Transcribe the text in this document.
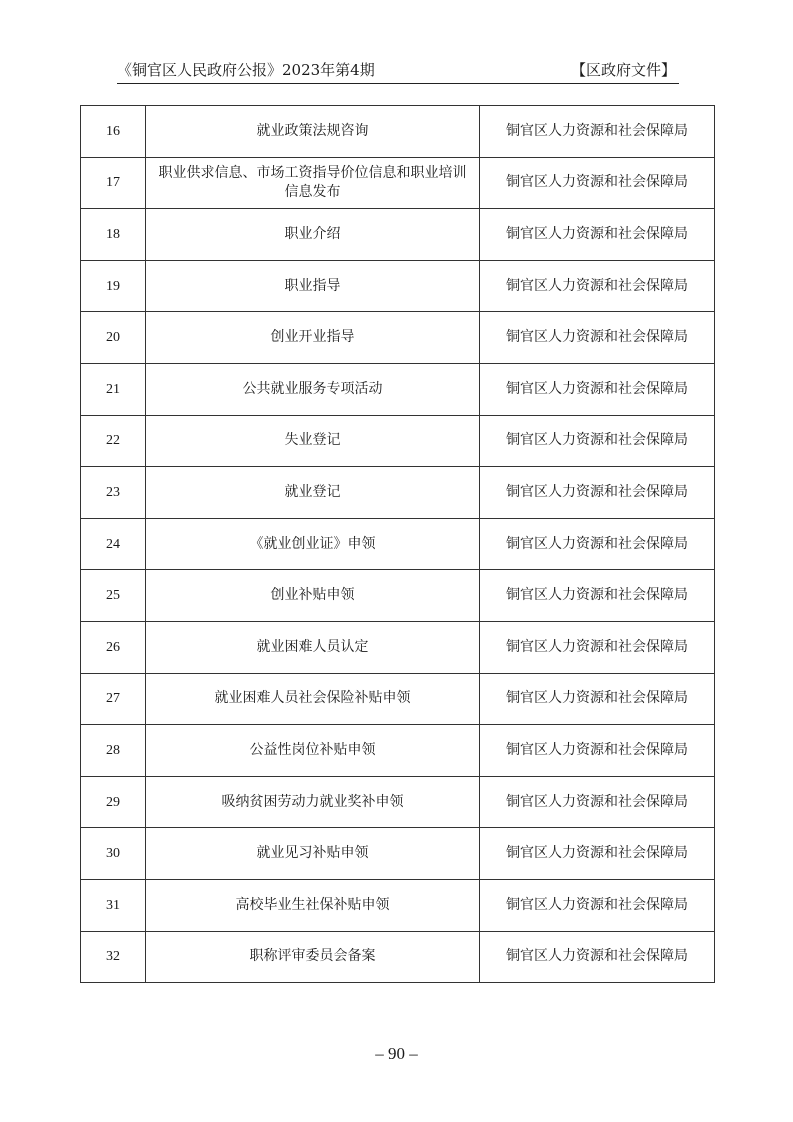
《铜官区人民政府公报》2023年第4期	【区政府文件】
16	就业政策法规咨询	铜官区人力资源和社会保障局
17	职业供求信息、市场工资指导价位信息和职业培训信息发布	铜官区人力资源和社会保障局
18	职业介绍	铜官区人力资源和社会保障局
19	职业指导	铜官区人力资源和社会保障局
20	创业开业指导	铜官区人力资源和社会保障局
21	公共就业服务专项活动	铜官区人力资源和社会保障局
22	失业登记	铜官区人力资源和社会保障局
23	就业登记	铜官区人力资源和社会保障局
24	《就业创业证》申领	铜官区人力资源和社会保障局
25	创业补贴申领	铜官区人力资源和社会保障局
26	就业困难人员认定	铜官区人力资源和社会保障局
27	就业困难人员社会保险补贴申领	铜官区人力资源和社会保障局
28	公益性岗位补贴申领	铜官区人力资源和社会保障局
29	吸纳贫困劳动力就业奖补申领	铜官区人力资源和社会保障局
30	就业见习补贴申领	铜官区人力资源和社会保障局
31	高校毕业生社保补贴申领	铜官区人力资源和社会保障局
32	职称评审委员会备案	铜官区人力资源和社会保障局
– 90 –
